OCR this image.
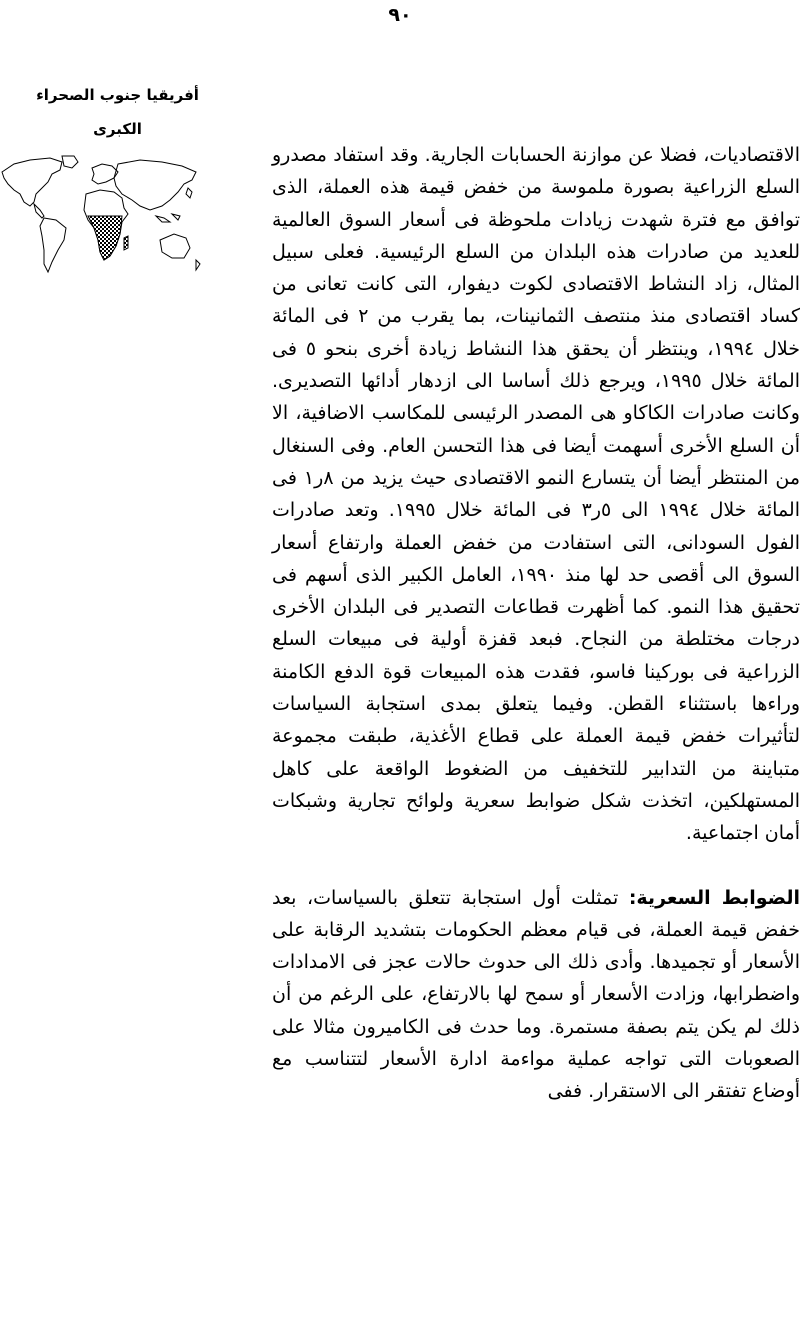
٩٠
أفريقيا جنوب الصحراء
الكبرى

الاقتصاديات، فضلا عن موازنة الحسابات الجارية. وقد استفاد مصدرو السلع الزراعية بصورة ملموسة من خفض قيمة هذه العملة، الذى توافق مع فترة شهدت زيادات ملحوظة فى أسعار السوق العالمية للعديد من صادرات هذه البلدان من السلع الرئيسية. فعلى سبيل المثال، زاد النشاط الاقتصادى لكوت ديفوار، التى كانت تعانى من كساد اقتصادى منذ منتصف الثمانينات، بما يقرب من ٢ فى المائة خلال ١٩٩٤، وينتظر أن يحقق هذا النشاط زيادة أخرى بنحو ٥ فى المائة خلال ١٩٩٥، ويرجع ذلك أساسا الى ازدهار أدائها التصديرى. وكانت صادرات الكاكاو هى المصدر الرئيسى للمكاسب الاضافية، الا أن السلع الأخرى أسهمت أيضا فى هذا التحسن العام. وفى السنغال من المنتظر أيضا أن يتسارع النمو الاقتصادى حيث يزيد من ٨ر١ فى المائة خلال ١٩٩٤ الى ٥ر٣ فى المائة خلال ١٩٩٥. وتعد صادرات الفول السودانى، التى استفادت من خفض العملة وارتفاع أسعار السوق الى أقصى حد لها منذ ١٩٩٠، العامل الكبير الذى أسهم فى تحقيق هذا النمو. كما أظهرت قطاعات التصدير فى البلدان الأخرى درجات مختلطة من النجاح. فبعد قفزة أولية فى مبيعات السلع الزراعية فى بوركينا فاسو، فقدت هذه المبيعات قوة الدفع الكامنة وراءها باستثناء القطن. وفيما يتعلق بمدى استجابة السياسات لتأثيرات خفض قيمة العملة على قطاع الأغذية، طبقت مجموعة متباينة من التدابير للتخفيف من الضغوط الواقعة على كاهل المستهلكين، اتخذت شكل ضوابط سعرية ولوائح تجارية وشبكات أمان اجتماعية.

الضوابط السعرية: تمثلت أول استجابة تتعلق بالسياسات، بعد خفض قيمة العملة، فى قيام معظم الحكومات بتشديد الرقابة على الأسعار أو تجميدها. وأدى ذلك الى حدوث حالات عجز فى الامدادات واضطرابها، وزادت الأسعار أو سمح لها بالارتفاع، على الرغم من أن ذلك لم يكن يتم بصفة مستمرة. وما حدث فى الكاميرون مثالا على الصعوبات التى تواجه عملية مواءمة ادارة الأسعار لتتناسب مع أوضاع تفتقر الى الاستقرار. ففى
